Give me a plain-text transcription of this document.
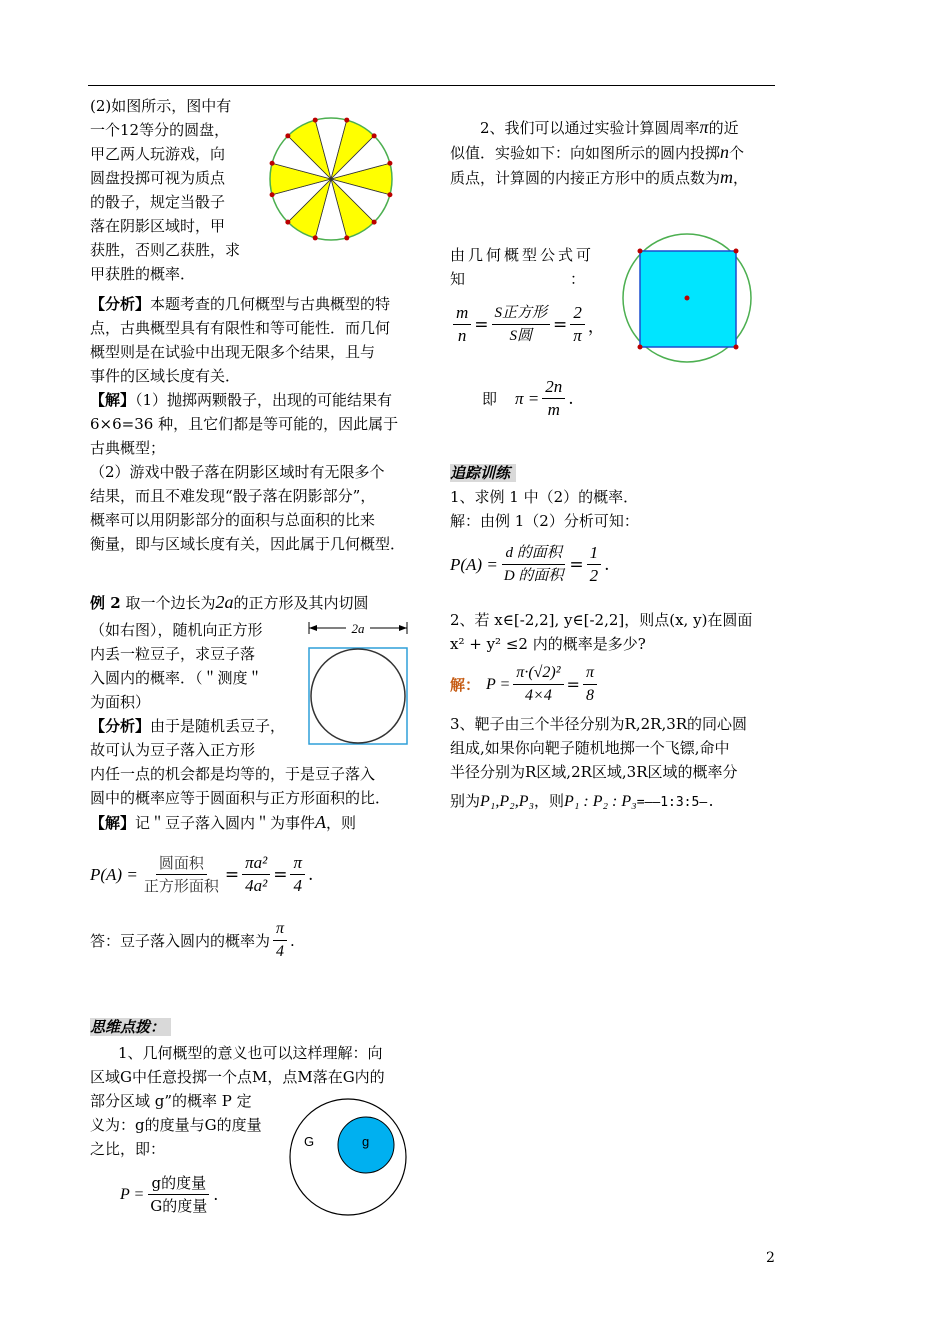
(2)如图所示，图中有
一个12等分的圆盘，
甲乙两人玩游戏，向
圆盘投掷可视为质点
的骰子，规定当骰子
落在阴影区域时，甲
获胜，否则乙获胜，求
甲获胜的概率．
【分析】本题考查的几何概型与古典概型的特
点，古典概型具有有限性和等可能性．而几何
概型则是在试验中出现无限多个结果，且与
事件的区域长度有关．
【解】（1）抛掷两颗骰子，出现的可能结果有
6×6=36 种，且它们都是等可能的，因此属于
古典概型；
（2）游戏中骰子落在阴影区域时有无限多个
结果，而且不难发现“骰子落在阴影部分”，
概率可以用阴影部分的面积与总面积的比来
衡量，即与区域长度有关，因此属于几何概型．
例 2 取一个边长为2a的正方形及其内切圆
（如右图），随机向正方形
内丢一粒豆子，求豆子落
入圆内的概率．（＂测度＂
为面积）
【分析】由于是随机丢豆子，
故可认为豆子落入正方形
内任一点的机会都是均等的，于是豆子落入
圆中的概率应等于圆面积与正方形面积的比．
【解】记＂豆子落入圆内＂为事件A，则
2a
$P(A) = \frac{\text{圆面积}}{\text{正方形面积}} = \frac{\text{πa²}}{\text{4a²}} = \frac{\pi}{4}$ .
答：豆子落入圆内的概率为 $\frac{\pi}{4}$ .
思维点拨：
1、几何概型的意义也可以这样理解：向
区域G中任意投掷一个点M，点M落在G内的
部分区域 g”的概率 P 定
义为：g的度量与G的度量
之比，即：
$P = \frac{\text{g的度量}}{\text{G的度量}}$ .
G	g
2、我们可以通过实验计算圆周率π的近
似值．实验如下：向如图所示的圆内投掷n个
质点，计算圆的内接正方形中的质点数为m，
由几何概型公式可
知　　　　　　　：
$\frac{m}{n} = \frac{\text{S正方形}}{\text{S圆}} = \frac{2}{\pi}$ ，
即 $\pi = \frac{2n}{m}$ .
追踪训练
1、求例 1 中（2）的概率．
解：由例 1（2）分析可知：
$P(A) = \frac{\text{d 的面积}}{\text{D 的面积}} = \frac{1}{2}$ .
2、若 x∈[-2,2], y∈[-2,2]，则点(x, y)在圆面
x² + y² ≤2 内的概率是多少?
解： $P = \frac{\text{π·(√2)²}}{4\times 4} = \frac{\pi}{8}$
3、靶子由三个半径分别为R,2R,3R的同心圆
组成,如果你向靶子随机地掷一个飞镖,命中
半径分别为R区域,2R区域,3R区域的概率分
别为P₁,P₂,P₃，则P₁ : P₂ : P₃=——1:3:5—.
2
